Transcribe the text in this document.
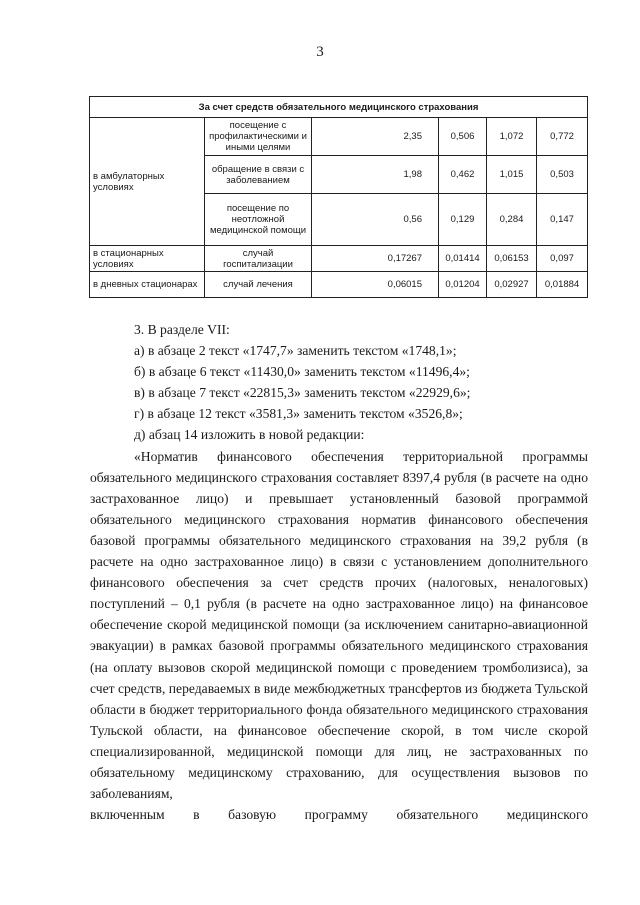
3
За счет средств обязательного медицинского страхования					
в амбулаторных условиях	посещение с профилактическими и иными целями	2,35	0,506	1,072	0,772
	обращение в связи с заболеванием	1,98	0,462	1,015	0,503
	посещение по неотложной медицинской помощи	0,56	0,129	0,284	0,147
в стационарных условиях	случай госпитализации	0,17267	0,01414	0,06153	0,097
в дневных стационарах	случай лечения	0,06015	0,01204	0,02927	0,01884

3. В разделе VII:

а) в абзаце 2 текст «1747,7» заменить текстом «1748,1»;

б) в абзаце 6 текст «11430,0» заменить текстом «11496,4»;

в) в абзаце 7 текст «22815,3» заменить текстом «22929,6»;

г) в абзаце 12 текст «3581,3» заменить текстом «3526,8»;

д) абзац 14 изложить в новой редакции:

«Норматив финансового обеспечения территориальной программы обязательного медицинского страхования составляет 8397,4 рубля (в расчете на одно застрахованное лицо) и превышает установленный базовой программой обязательного медицинского страхования норматив финансового обеспечения базовой программы обязательного медицинского страхования на 39,2 рубля (в расчете на одно застрахованное лицо) в связи с установлением дополнительного финансового обеспечения за счет средств прочих (налоговых, неналоговых) поступлений – 0,1 рубля (в расчете на одно застрахованное лицо) на финансовое обеспечение скорой медицинской помощи (за исключением санитарно-авиационной эвакуации) в рамках базовой программы обязательного медицинского страхования (на оплату вызовов скорой медицинской помощи с проведением тромболизиса), за счет средств, передаваемых в виде межбюджетных трансфертов из бюджета Тульской области в бюджет территориального фонда обязательного медицинского страхования Тульской области, на финансовое обеспечение скорой, в том числе скорой специализированной, медицинской помощи для лиц, не застрахованных по обязательному медицинскому страхованию, для осуществления вызовов по заболеваниям,

включенным в базовую программу обязательного медицинского
